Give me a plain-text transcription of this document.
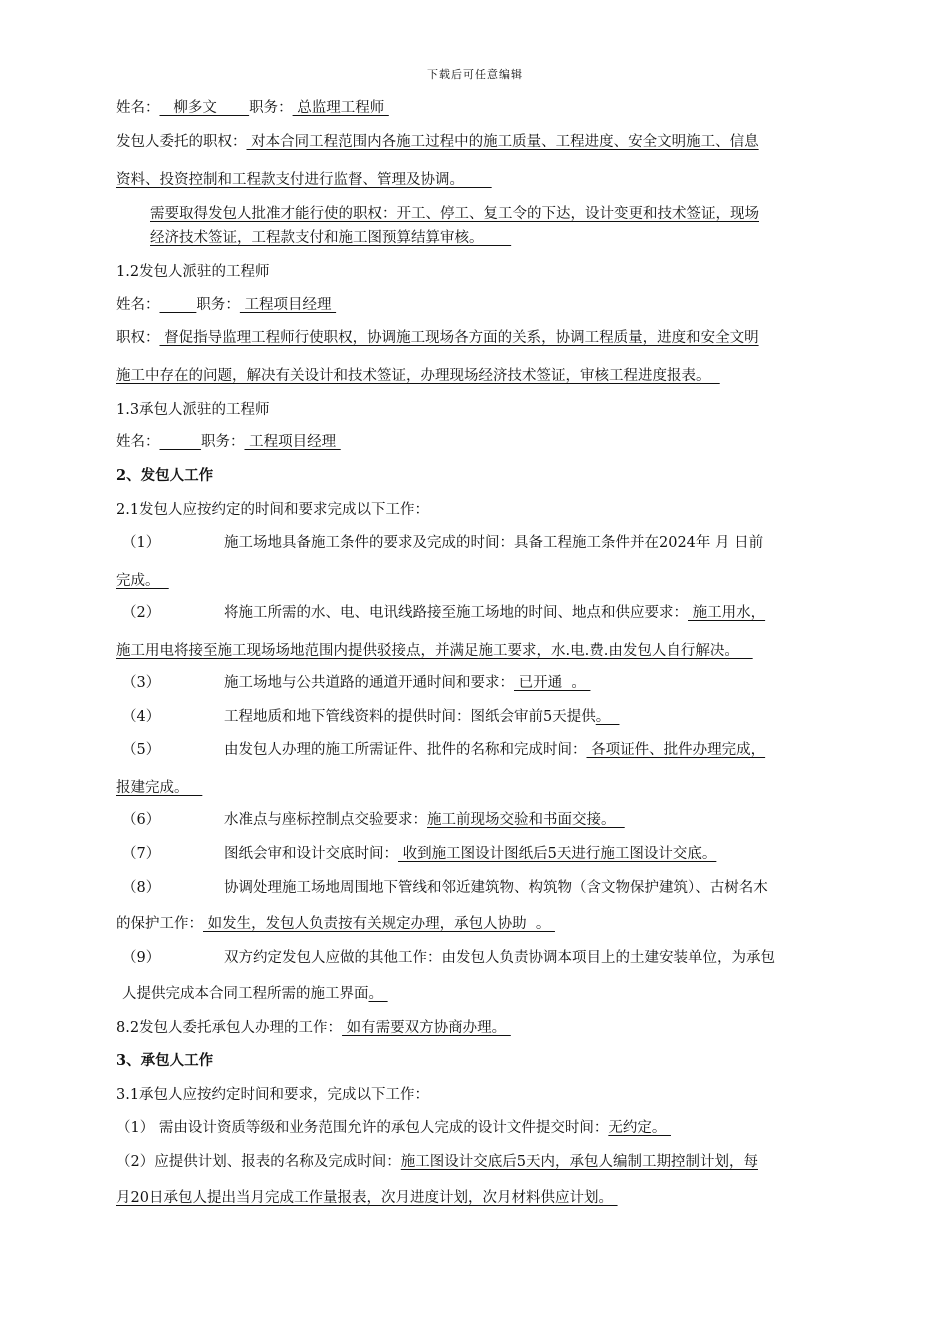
下载后可任意编辑
姓名：   柳多文       职务： 总监理工程师
发包人委托的职权： 对本合同工程范围内各施工过程中的施工质量、工程进度、安全文明施工、信息
资料、投资控制和工程款支付进行监督、管理及协调。
需要取得发包人批准才能行使的职权：开工、停工、复工令的下达，设计变更和技术签证，现场
经济技术签证，工程款支付和施工图预算结算审核。
1.2发包人派驻的工程师
姓名：	职务： 工程项目经理
职权： 督促指导监理工程师行使职权，协调施工现场各方面的关系，协调工程质量，进度和安全文明
施工中存在的问题，解决有关设计和技术签证，办理现场经济技术签证，审核工程进度报表。
1.3承包人派驻的工程师
姓名：	职务： 工程项目经理
2、发包人工作
2.1发包人应按约定的时间和要求完成以下工作：
（1）	施工场地具备施工条件的要求及完成的时间：具备工程施工条件并在2024年 月 日前
完成。
（2）	将施工所需的水、电、电讯线路接至施工场地的时间、地点和供应要求： 施工用水，
施工用电将接至施工现场场地范围内提供驳接点，并满足施工要求，水.电.费.由发包人自行解决。
（3）	施工场地与公共道路的通道开通时间和要求： 已开通  。
（4）	工程地质和地下管线资料的提供时间：图纸会审前5天提供。
（5）	由发包人办理的施工所需证件、批件的名称和完成时间： 各项证件、批件办理完成，
报建完成。
（6）	水准点与座标控制点交验要求：施工前现场交验和书面交接。
（7）	图纸会审和设计交底时间： 收到施工图设计图纸后5天进行施工图设计交底。
（8）	协调处理施工场地周围地下管线和邻近建筑物、构筑物（含文物保护建筑）、古树名木
的保护工作： 如发生，发包人负责按有关规定办理，承包人协助  。
（9）	双方约定发包人应做的其他工作：由发包人负责协调本项目上的土建安装单位，为承包
人提供完成本合同工程所需的施工界面。
8.2发包人委托承包人办理的工作： 如有需要双方协商办理。
3、承包人工作
3.1承包人应按约定时间和要求，完成以下工作：
（1） 需由设计资质等级和业务范围允许的承包人完成的设计文件提交时间：无约定。
（2）应提供计划、报表的名称及完成时间：施工图设计交底后5天内，承包人编制工期控制计划，每
月20日承包人提出当月完成工作量报表，次月进度计划，次月材料供应计划。
